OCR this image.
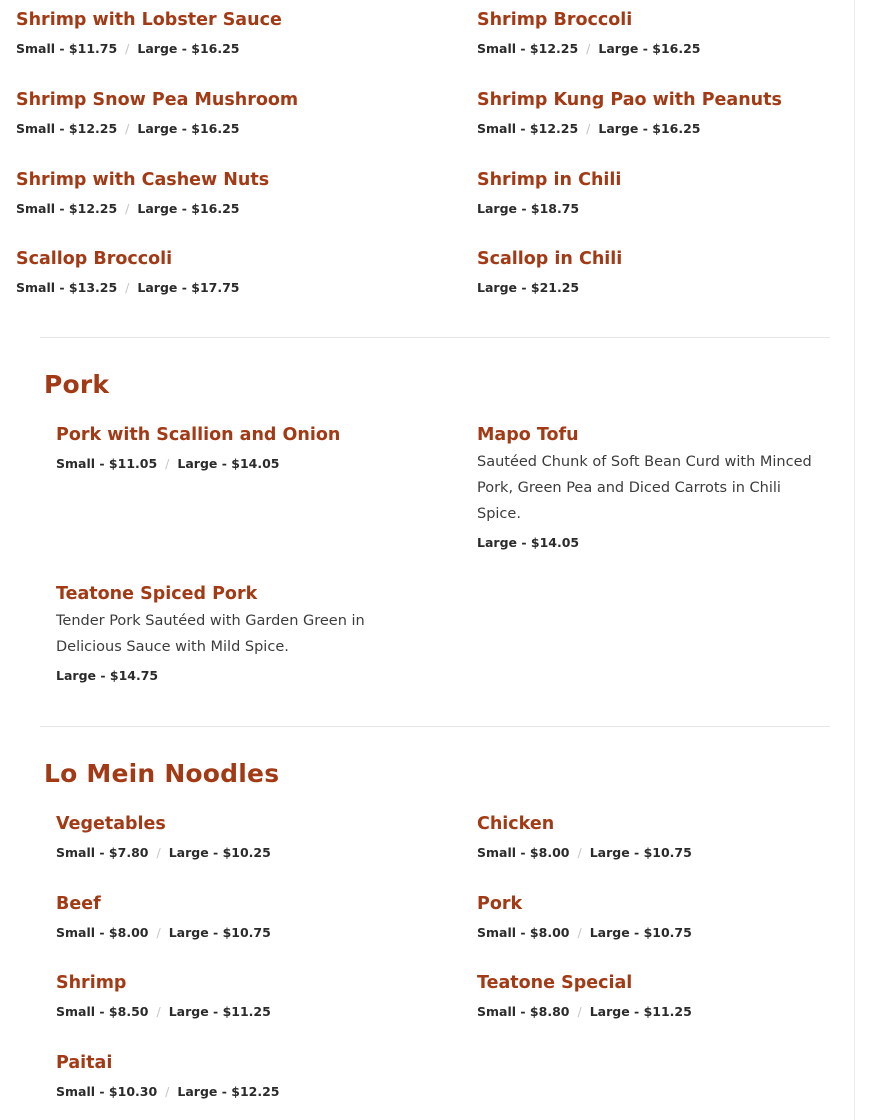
Shrimp with Lobster Sauce
Small - $11.75 / Large - $16.25
Shrimp Broccoli
Small - $12.25 / Large - $16.25
Shrimp Snow Pea Mushroom
Small - $12.25 / Large - $16.25
Shrimp Kung Pao with Peanuts
Small - $12.25 / Large - $16.25
Shrimp with Cashew Nuts
Small - $12.25 / Large - $16.25
Shrimp in Chili
Large - $18.75
Scallop Broccoli
Small - $13.25 / Large - $17.75
Scallop in Chili
Large - $21.25
Pork
Pork with Scallion and Onion
Small - $11.05 / Large - $14.05
Mapo Tofu
Sautéed Chunk of Soft Bean Curd with Minced Pork, Green Pea and Diced Carrots in Chili Spice.
Large - $14.05
Teatone Spiced Pork
Tender Pork Sautéed with Garden Green in Delicious Sauce with Mild Spice.
Large - $14.75
Lo Mein Noodles
Vegetables
Small - $7.80 / Large - $10.25
Chicken
Small - $8.00 / Large - $10.75
Beef
Small - $8.00 / Large - $10.75
Pork
Small - $8.00 / Large - $10.75
Shrimp
Small - $8.50 / Large - $11.25
Teatone Special
Small - $8.80 / Large - $11.25
Paitai
Small - $10.30 / Large - $12.25
